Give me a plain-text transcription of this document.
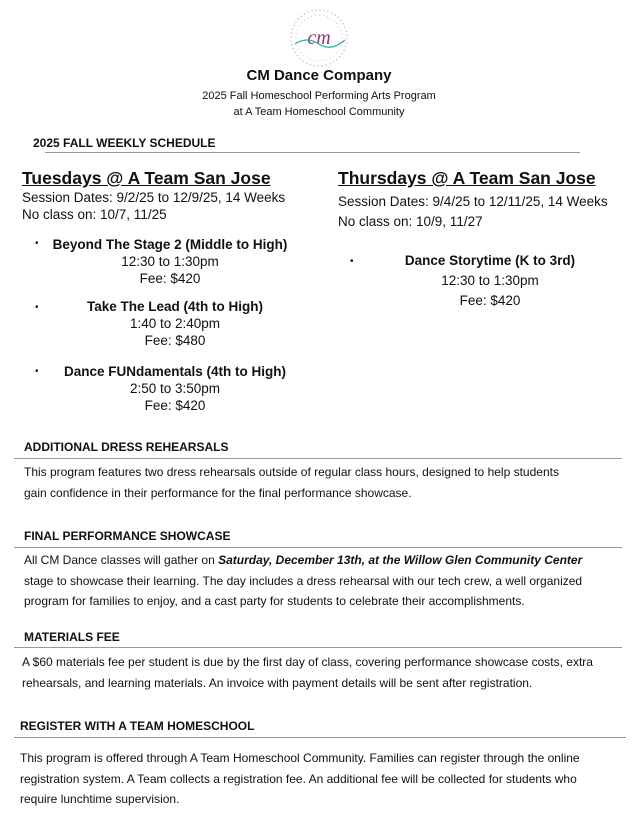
cm
CM Dance Company
2025 Fall Homeschool Performing Arts Program
at A Team Homeschool Community
2025 FALL WEEKLY SCHEDULE
Tuesdays @ A Team San Jose
Session Dates: 9/2/25 to 12/9/25, 14 Weeks
No class on: 10/7, 11/25
•	Beyond The Stage 2 (Middle to High)
12:30 to 1:30pm
Fee: $420
•	Take The Lead (4th to High)
1:40 to 2:40pm
Fee: $480
•	Dance FUNdamentals (4th to High)
2:50 to 3:50pm
Fee: $420
Thursdays @ A Team San Jose
Session Dates: 9/4/25 to 12/11/25, 14 Weeks
No class on: 10/9, 11/27
•	Dance Storytime (K to 3rd)
12:30 to 1:30pm
Fee: $420
ADDITIONAL DRESS REHEARSALS
This program features two dress rehearsals outside of regular class hours, designed to help students
gain confidence in their performance for the final performance showcase.
FINAL PERFORMANCE SHOWCASE
All CM Dance classes will gather on Saturday, December 13th, at the Willow Glen Community Center
stage to showcase their learning. The day includes a dress rehearsal with our tech crew, a well organized
program for families to enjoy, and a cast party for students to celebrate their accomplishments.
MATERIALS FEE
A $60 materials fee per student is due by the first day of class, covering performance showcase costs, extra
rehearsals, and learning materials. An invoice with payment details will be sent after registration.
REGISTER WITH A TEAM HOMESCHOOL
This program is offered through A Team Homeschool Community. Families can register through the online
registration system. A Team collects a registration fee. An additional fee will be collected for students who
require lunchtime supervision.
